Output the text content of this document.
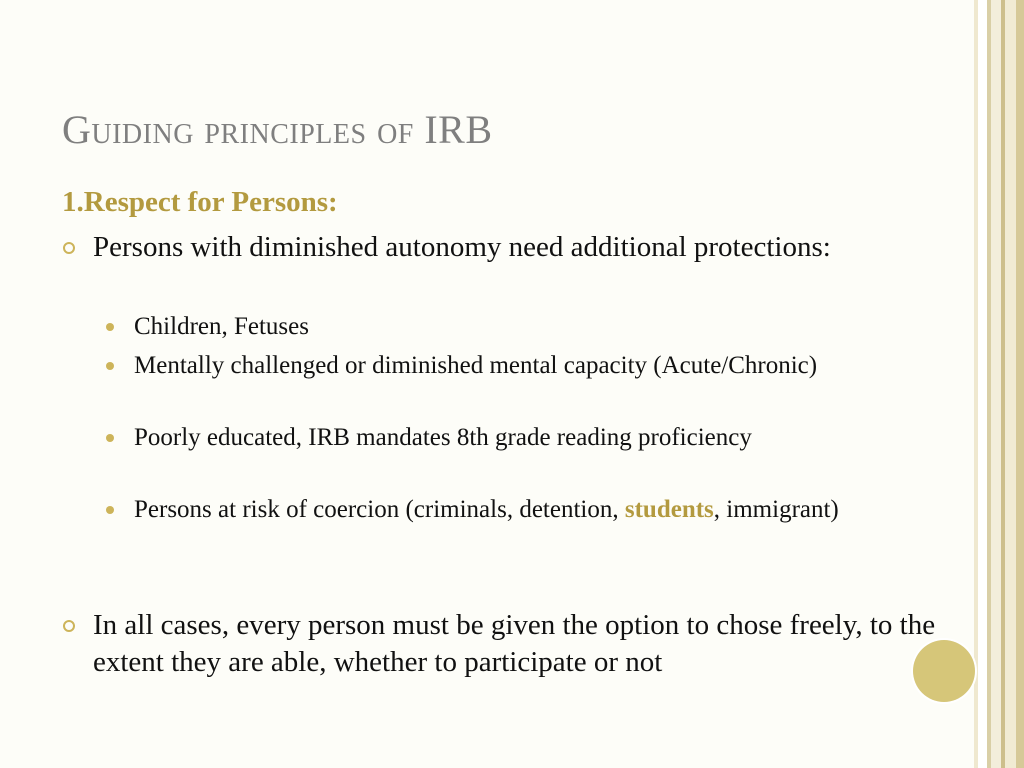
Guiding principles of IRB
1.Respect for Persons:
Persons with diminished autonomy need additional protections:
Children, Fetuses
Mentally challenged or diminished mental capacity (Acute/Chronic)
Poorly educated, IRB mandates 8th grade reading proficiency
Persons at risk of coercion (criminals, detention, students, immigrant)
In all cases, every person must be given the option to chose freely, to the extent they are able, whether to participate or not
